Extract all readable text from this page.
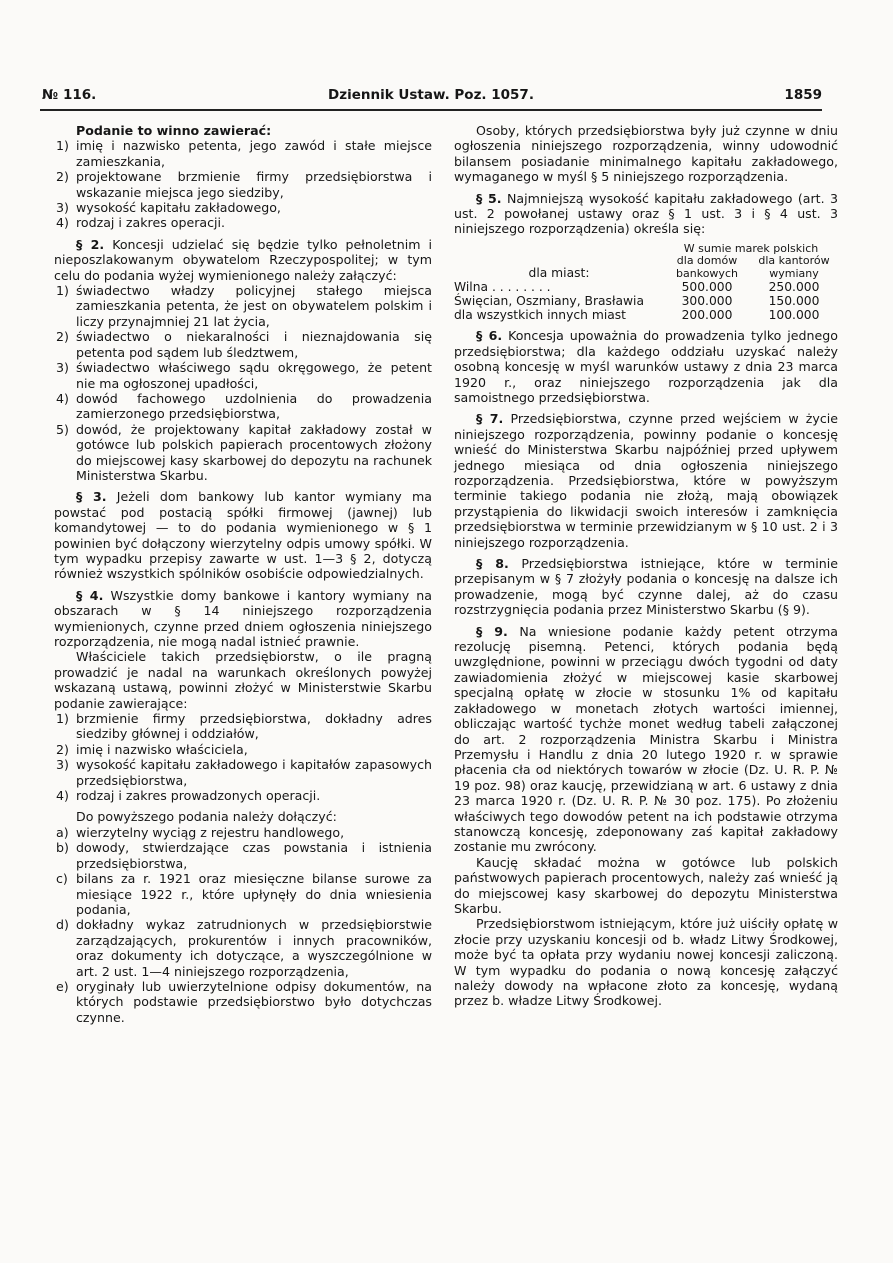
№ 116.	Dziennik Ustaw. Poz. 1057.	1859

Podanie to winno zawierać:

1) imię i nazwisko petenta, jego zawód i stałe miejsce zamieszkania,
2) projektowane brzmienie firmy przedsiębiorstwa i wskazanie miejsca jego siedziby,
3) wysokość kapitału zakładowego,
4) rodzaj i zakres operacji.

§ 2. Koncesji udzielać się będzie tylko pełnoletnim i nieposzlakowanym obywatelom Rzeczypospolitej; w tym celu do podania wyżej wymienionego należy załączyć:

1) świadectwo władzy policyjnej stałego miejsca zamieszkania petenta, że jest on obywatelem polskim i liczy przynajmniej 21 lat życia,
2) świadectwo o niekaralności i nieznajdowania się petenta pod sądem lub śledztwem,
3) świadectwo właściwego sądu okręgowego, że petent nie ma ogłoszonej upadłości,
4) dowód fachowego uzdolnienia do prowadzenia zamierzonego przedsiębiorstwa,
5) dowód, że projektowany kapitał zakładowy został w gotówce lub polskich papierach procentowych złożony do miejscowej kasy skarbowej do depozytu na rachunek Ministerstwa Skarbu.

§ 3. Jeżeli dom bankowy lub kantor wymiany ma powstać pod postacią spółki firmowej (jawnej) lub komandytowej — to do podania wymienionego w § 1 powinien być dołączony wierzytelny odpis umowy spółki. W tym wypadku przepisy zawarte w ust. 1—3 § 2, dotyczą również wszystkich spólników osobiście odpowiedzialnych.

§ 4. Wszystkie domy bankowe i kantory wymiany na obszarach w § 14 niniejszego rozporządzenia wymienionych, czynne przed dniem ogłoszenia niniejszego rozporządzenia, nie mogą nadal istnieć prawnie.

Właściciele takich przedsiębiorstw, o ile pragną prowadzić je nadal na warunkach określonych powyżej wskazaną ustawą, powinni złożyć w Ministerstwie Skarbu podanie zawierające:

1) brzmienie firmy przedsiębiorstwa, dokładny adres siedziby głównej i oddziałów,
2) imię i nazwisko właściciela,
3) wysokość kapitału zakładowego i kapitałów zapasowych przedsiębiorstwa,
4) rodzaj i zakres prowadzonych operacji.

Do powyższego podania należy dołączyć:

a) wierzytelny wyciąg z rejestru handlowego,
b) dowody, stwierdzające czas powstania i istnienia przedsiębiorstwa,
c) bilans za r. 1921 oraz miesięczne bilanse surowe za miesiące 1922 r., które upłynęły do dnia wniesienia podania,
d) dokładny wykaz zatrudnionych w przedsiębiorstwie zarządzających, prokurentów i innych pracowników, oraz dokumenty ich dotyczące, a wyszczególnione w art. 2 ust. 1—4 niniejszego rozporządzenia,
e) oryginały lub uwierzytelnione odpisy dokumentów, na których podstawie przedsiębiorstwo było dotychczas czynne.

Osoby, których przedsiębiorstwa były już czynne w dniu ogłoszenia niniejszego rozporządzenia, winny udowodnić bilansem posiadanie minimalnego kapitału zakładowego, wymaganego w myśl § 5 niniejszego rozporządzenia.

§ 5. Najmniejszą wysokość kapitału zakładowego (art. 3 ust. 2 powołanej ustawy oraz § 1 ust. 3 i § 4 ust. 3 niniejszego rozporządzenia) określa się:

	W sumie marek polskich	
dla miast:	dla domów bankowych	dla kantorów wymiany
Wilna . . . . . . . .	500.000	250.000
Święcian, Oszmiany, Brasławia	300.000	150.000
dla wszystkich innych miast	200.000	100.000

§ 6. Koncesja upoważnia do prowadzenia tylko jednego przedsiębiorstwa; dla każdego oddziału uzyskać należy osobną koncesję w myśl warunków ustawy z dnia 23 marca 1920 r., oraz niniejszego rozporządzenia jak dla samoistnego przedsiębiorstwa.

§ 7. Przedsiębiorstwa, czynne przed wejściem w życie niniejszego rozporządzenia, powinny podanie o koncesję wnieść do Ministerstwa Skarbu najpóźniej przed upływem jednego miesiąca od dnia ogłoszenia niniejszego rozporządzenia. Przedsiębiorstwa, które w powyższym terminie takiego podania nie złożą, mają obowiązek przystąpienia do likwidacji swoich interesów i zamknięcia przedsiębiorstwa w terminie przewidzianym w § 10 ust. 2 i 3 niniejszego rozporządzenia.

§ 8. Przedsiębiorstwa istniejące, które w terminie przepisanym w § 7 złożyły podania o koncesję na dalsze ich prowadzenie, mogą być czynne dalej, aż do czasu rozstrzygnięcia podania przez Ministerstwo Skarbu (§ 9).

§ 9. Na wniesione podanie każdy petent otrzyma rezolucję pisemną. Petenci, których podania będą uwzględnione, powinni w przeciągu dwóch tygodni od daty zawiadomienia złożyć w miejscowej kasie skarbowej specjalną opłatę w złocie w stosunku 1% od kapitału zakładowego w monetach złotych wartości imiennej, obliczając wartość tychże monet według tabeli załączonej do art. 2 rozporządzenia Ministra Skarbu i Ministra Przemysłu i Handlu z dnia 20 lutego 1920 r. w sprawie płacenia cła od niektórych towarów w złocie (Dz. U. R. P. № 19 poz. 98) oraz kaucję, przewidzianą w art. 6 ustawy z dnia 23 marca 1920 r. (Dz. U. R. P. № 30 poz. 175). Po złożeniu właściwych tego dowodów petent na ich podstawie otrzyma stanowczą koncesję, zdeponowany zaś kapitał zakładowy zostanie mu zwrócony.

Kaucję składać można w gotówce lub polskich państwowych papierach procentowych, należy zaś wnieść ją do miejscowej kasy skarbowej do depozytu Ministerstwa Skarbu.

Przedsiębiorstwom istniejącym, które już uiściły opłatę w złocie przy uzyskaniu koncesji od b. władz Litwy Środkowej, może być ta opłata przy wydaniu nowej koncesji zaliczoną. W tym wypadku do podania o nową koncesję załączyć należy dowody na wpłacone złoto za koncesję, wydaną przez b. władze Litwy Środkowej.
